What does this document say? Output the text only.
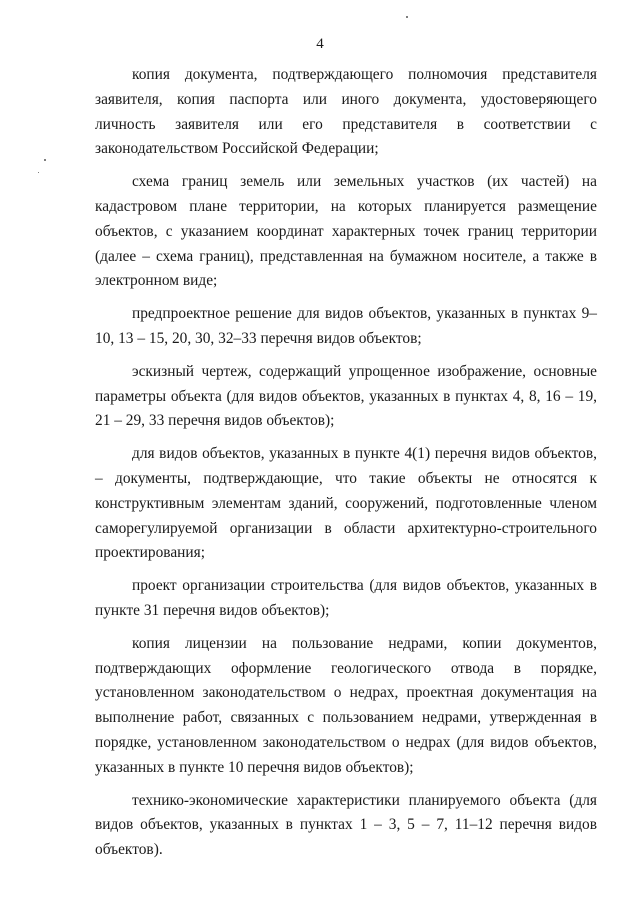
4

копия документа, подтверждающего полномочия представителя заявителя, копия паспорта или иного документа, удостоверяющего личность заявителя или его представителя в соответствии с законодательством Российской Федерации;

схема границ земель или земельных участков (их частей) на кадастровом плане территории, на которых планируется размещение объектов, с указанием координат характерных точек границ территории (далее – схема границ), представленная на бумажном носителе, а также в электронном виде;

предпроектное решение для видов объектов, указанных в пунктах 9–10, 13 – 15, 20, 30, 32–33 перечня видов объектов;

эскизный чертеж, содержащий упрощенное изображение, основные параметры объекта (для видов объектов, указанных в пунктах 4, 8, 16 – 19, 21 – 29, 33 перечня видов объектов);

для видов объектов, указанных в пункте 4(1) перечня видов объектов, – документы, подтверждающие, что такие объекты не относятся к конструктивным элементам зданий, сооружений, подготовленные членом саморегулируемой организации в области архитектурно-строительного проектирования;

проект организации строительства (для видов объектов, указанных в пункте 31 перечня видов объектов);

копия лицензии на пользование недрами, копии документов, подтверждающих оформление геологического отвода в порядке, установленном законодательством о недрах, проектная документация на выполнение работ, связанных с пользованием недрами, утвержденная в порядке, установленном законодательством о недрах (для видов объектов, указанных в пункте 10 перечня видов объектов);

технико-экономические характеристики планируемого объекта (для видов объектов, указанных в пунктах 1 – 3, 5 – 7, 11–12 перечня видов объектов).
